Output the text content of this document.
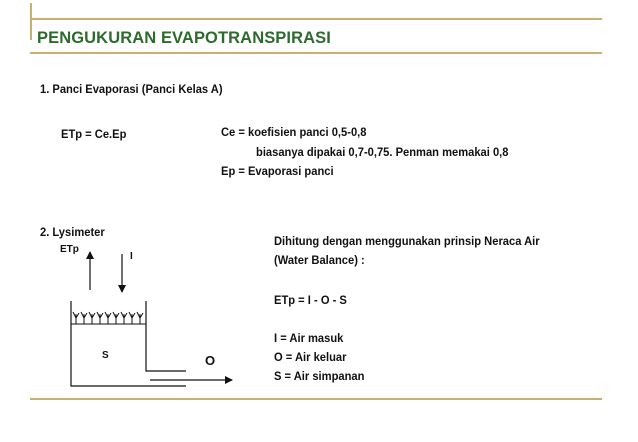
PENGUKURAN EVAPOTRANSPIRASI
1. Panci Evaporasi (Panci Kelas A)
ETp = Ce.Ep	Ce = koefisien panci 0,5-0,8
biasanya dipakai 0,7-0,75. Penman memakai 0,8
Ep = Evaporasi panci
2. Lysimeter
ETp
I
S	O
Dihitung dengan menggunakan prinsip Neraca Air
(Water Balance) :
ETp = I - O - S
I = Air masuk
O = Air keluar
S = Air simpanan
